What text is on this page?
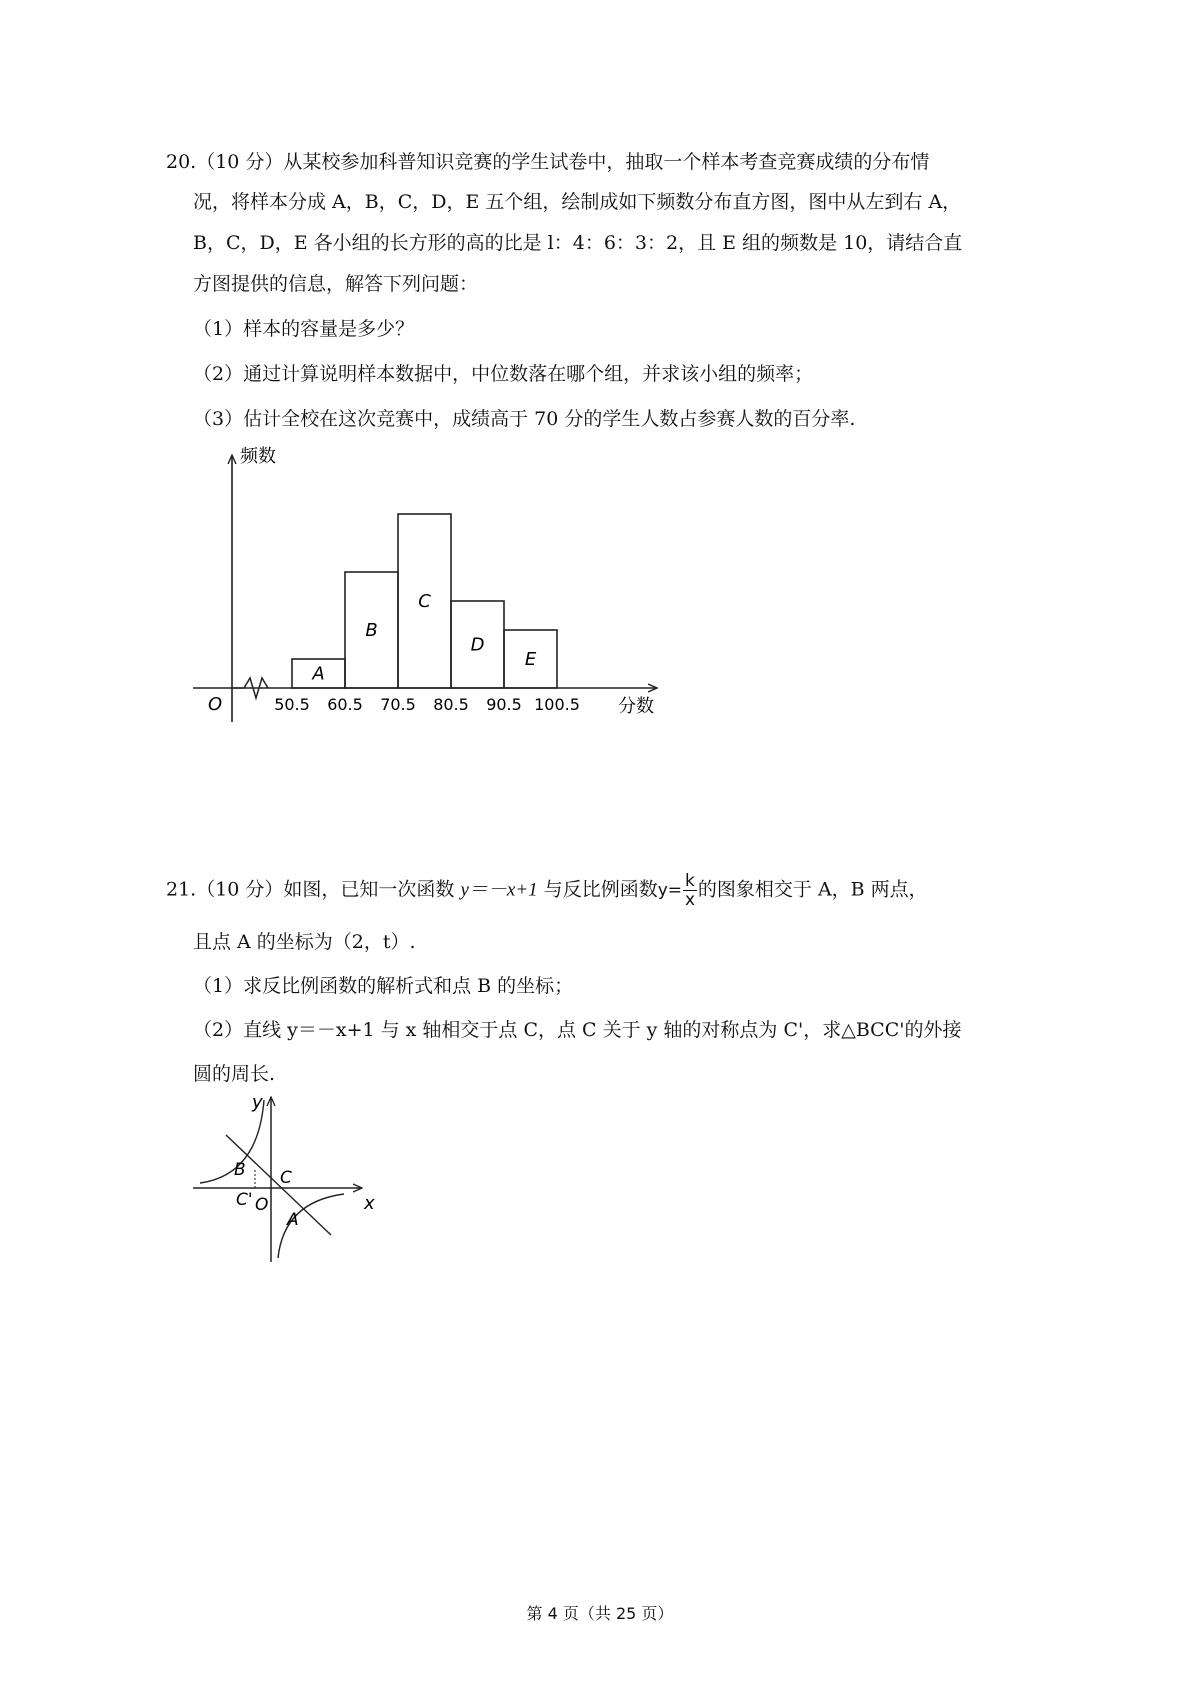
20.（10 分）从某校参加科普知识竞赛的学生试卷中，抽取一个样本考查竞赛成绩的分布情
况，将样本分成 A，B，C，D，E 五个组，绘制成如下频数分布直方图，图中从左到右 A，
B，C，D，E 各小组的长方形的高的比是 l：4：6：3：2，且 E 组的频数是 10，请结合直
方图提供的信息，解答下列问题：
（1）样本的容量是多少？
（2）通过计算说明样本数据中，中位数落在哪个组，并求该小组的频率；
（3）估计全校在这次竞赛中，成绩高于 70 分的学生人数占参赛人数的百分率.
频数
分数
O
A
B
C
D
E
50.5 60.5 70.5 80.5 90.5 100.5
21.（10 分）如图，已知一次函数 y＝－x+1 与反比例函数$y= \frac{k}{x}$ 的图象相交于 A，B 两点，
且点 A 的坐标为（2，t）.
（1）求反比例函数的解析式和点 B 的坐标；
（2）直线 y＝－x+1 与 x 轴相交于点 C，点 C 关于 y 轴的对称点为 C'，求△BCC'的外接
圆的周长.
y
x
B C
C' O
A
第 4 页（共 25 页）
